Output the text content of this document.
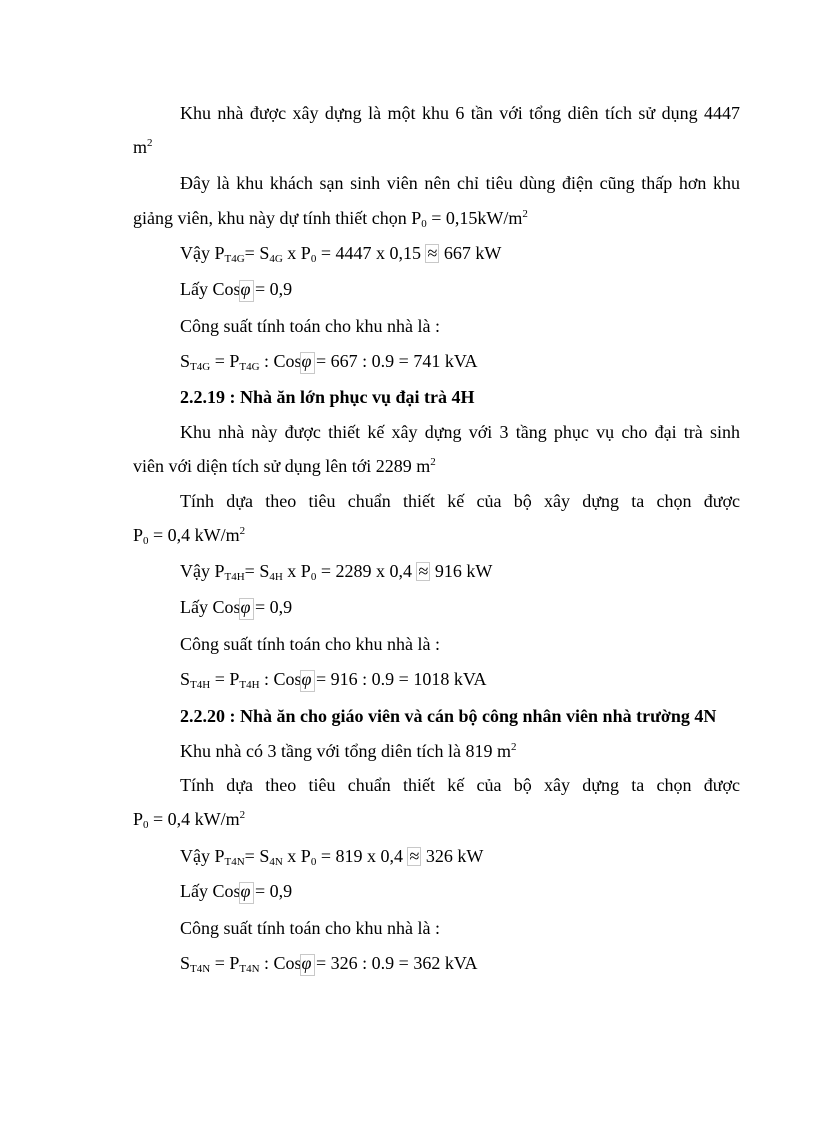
Khu nhà được xây dựng là một khu 6 tần với tổng diên tích sử dụng 4447
$m^2$
Đây là khu khách sạn sinh viên nên chỉ tiêu dùng điện cũng thấp hơn khu
giảng viên, khu này dự tính thiết chọn $P_0 = 0,15kW/m^2$
Vậy $P_{T4G}= S_{4G}$ x $P_0 = 4447$ x 0,15 ≈ 667 kW
Lấy Cosφ = 0,9
Công suất tính toán cho khu nhà là :
$S_{T4G} = P_{T4G}$ : Cosφ = 667 : 0.9 = 741 kVA
2.2.19 : Nhà ăn lớn phục vụ đại trà 4H
Khu nhà này được thiết kế xây dựng với 3 tầng phục vụ cho đại trà sinh
viên với diện tích sử dụng lên tới 2289 $m^2$
Tính dựa theo tiêu chuẩn thiết kế của bộ xây dựng ta chọn được
$P_0 = 0,4$ $kW/m^2$
Vậy $P_{T4H}= S_{4H}$ x $P_0 = 2289$ x 0,4 ≈ 916 kW
Lấy Cosφ = 0,9
Công suất tính toán cho khu nhà là :
$S_{T4H} = P_{T4H}$ : Cosφ = 916 : 0.9 = 1018 kVA
2.2.20 : Nhà ăn cho giáo viên và cán bộ công nhân viên nhà trường 4N
Khu nhà có 3 tầng với tổng diên tích là 819 $m^2$
Tính dựa theo tiêu chuẩn thiết kế của bộ xây dựng ta chọn được
$P_0 = 0,4$ $kW/m^2$
Vậy $P_{T4N}= S_{4N}$ x $P_0 = 819$ x 0,4 ≈ 326 kW
Lấy Cosφ = 0,9
Công suất tính toán cho khu nhà là :
$S_{T4N} = P_{T4N}$ : Cosφ = 326 : 0.9 = 362 kVA
